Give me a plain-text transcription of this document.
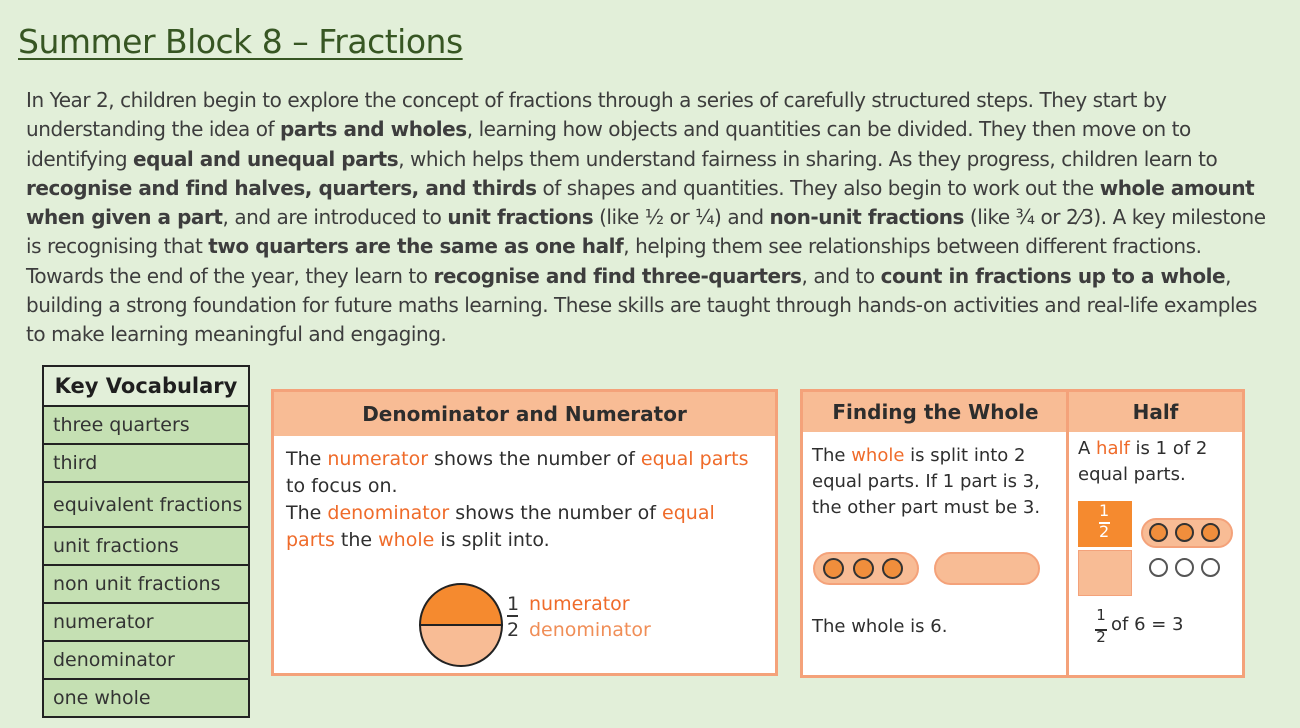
Summer Block 8 – Fractions

In Year 2, children begin to explore the concept of fractions through a series of carefully structured steps. They start by understanding the idea of parts and wholes, learning how objects and quantities can be divided. They then move on to identifying equal and unequal parts, which helps them understand fairness in sharing. As they progress, children learn to recognise and find halves, quarters, and thirds of shapes and quantities. They also begin to work out the whole amount when given a part, and are introduced to unit fractions (like ½ or ¼) and non-unit fractions (like ¾ or 2⁄3). A key milestone is recognising that two quarters are the same as one half, helping them see relationships between different fractions. Towards the end of the year, they learn to recognise and find three-quarters, and to count in fractions up to a whole, building a strong foundation for future maths learning. These skills are taught through hands-on activities and real-life examples to make learning meaningful and engaging.

Key Vocabulary
three quarters
third
equivalent fractions
unit fractions
non unit fractions
numerator
denominator
one whole
Denominator and Numerator
The numerator shows the number of equal parts to focus on.
The denominator shows the number of equal parts the whole is split into.
1
2
numerator
denominator
Finding the Whole
The whole is split into 2 equal parts. If 1 part is 3, the other part must be 3.
The whole is 6.
Half
A half is 1 of 2 equal parts.
1
2
1
2
of 6 = 3
